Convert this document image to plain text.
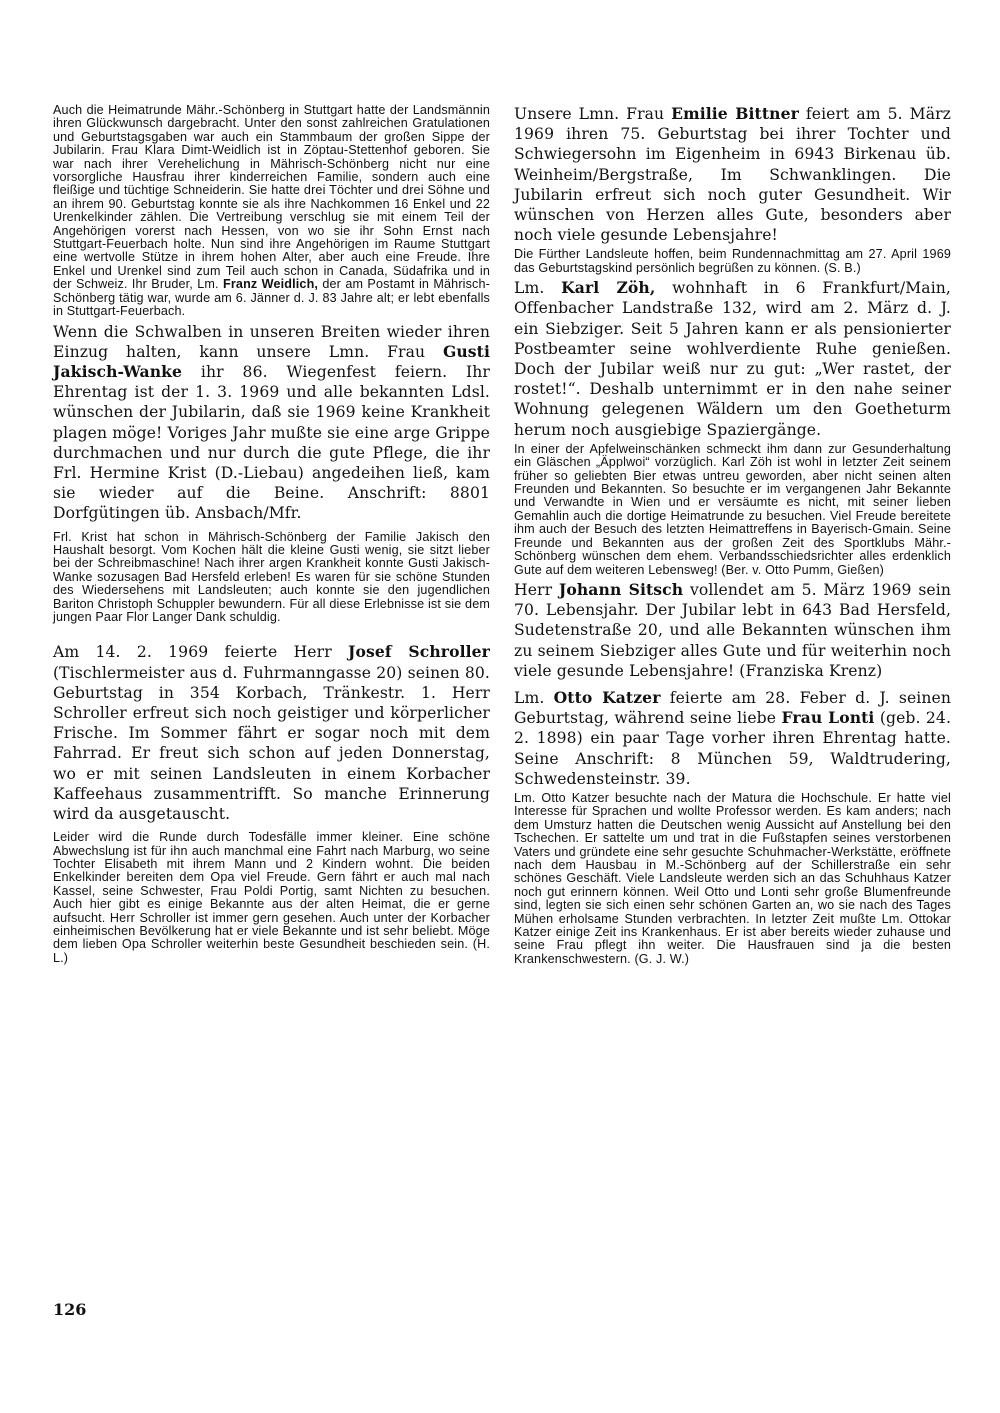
Auch die Heimatrunde Mähr.-Schönberg in Stuttgart hatte der Landsmännin ihren Glückwunsch dargebracht. Unter den sonst zahlreichen Gratulationen und Geburtstagsgaben war auch ein Stammbaum der großen Sippe der Jubilarin. Frau Klara Dimt-Weidlich ist in Zöptau-Stettenhof geboren. Sie war nach ihrer Verehelichung in Mährisch-Schönberg nicht nur eine vorsorgliche Hausfrau ihrer kinderreichen Familie, sondern auch eine fleißige und tüchtige Schneiderin. Sie hatte drei Töchter und drei Söhne und an ihrem 90. Geburtstag konnte sie als ihre Nachkommen 16 Enkel und 22 Urenkelkinder zählen. Die Vertreibung verschlug sie mit einem Teil der Angehörigen vorerst nach Hessen, von wo sie ihr Sohn Ernst nach Stuttgart-Feuerbach holte. Nun sind ihre Angehörigen im Raume Stuttgart eine wertvolle Stütze in ihrem hohen Alter, aber auch eine Freude. Ihre Enkel und Urenkel sind zum Teil auch schon in Canada, Südafrika und in der Schweiz. Ihr Bruder, Lm. Franz Weidlich, der am Postamt in Mährisch-Schönberg tätig war, wurde am 6. Jänner d. J. 83 Jahre alt; er lebt ebenfalls in Stuttgart-Feuerbach.

Wenn die Schwalben in unseren Breiten wieder ihren Einzug halten, kann unsere Lmn. Frau Gusti Jakisch-Wanke ihr 86. Wiegenfest feiern. Ihr Ehrentag ist der 1. 3. 1969 und alle bekannten Ldsl. wünschen der Jubilarin, daß sie 1969 keine Krankheit plagen möge! Voriges Jahr mußte sie eine arge Grippe durchmachen und nur durch die gute Pflege, die ihr Frl. Hermine Krist (D.-Liebau) angedeihen ließ, kam sie wieder auf die Beine. Anschrift: 8801 Dorfgütingen üb. Ansbach/Mfr.

Frl. Krist hat schon in Mährisch-Schönberg der Familie Jakisch den Haushalt besorgt. Vom Kochen hält die kleine Gusti wenig, sie sitzt lieber bei der Schreibmaschine! Nach ihrer argen Krankheit konnte Gusti Jakisch-Wanke sozusagen Bad Hersfeld erleben! Es waren für sie schöne Stunden des Wiedersehens mit Landsleuten; auch konnte sie den jugendlichen Bariton Christoph Schuppler bewundern. Für all diese Erlebnisse ist sie dem jungen Paar Flor Langer Dank schuldig.

Am 14. 2. 1969 feierte Herr Josef Schroller (Tischlermeister aus d. Fuhrmanngasse 20) seinen 80. Geburtstag in 354 Korbach, Tränkestr. 1. Herr Schroller erfreut sich noch geistiger und körperlicher Frische. Im Sommer fährt er sogar noch mit dem Fahrrad. Er freut sich schon auf jeden Donnerstag, wo er mit seinen Landsleuten in einem Korbacher Kaffeehaus zusammentrifft. So manche Erinnerung wird da ausgetauscht.

Leider wird die Runde durch Todesfälle immer kleiner. Eine schöne Abwechslung ist für ihn auch manchmal eine Fahrt nach Marburg, wo seine Tochter Elisabeth mit ihrem Mann und 2 Kindern wohnt. Die beiden Enkelkinder bereiten dem Opa viel Freude. Gern fährt er auch mal nach Kassel, seine Schwester, Frau Poldi Portig, samt Nichten zu besuchen. Auch hier gibt es einige Bekannte aus der alten Heimat, die er gerne aufsucht. Herr Schroller ist immer gern gesehen. Auch unter der Korbacher einheimischen Bevölkerung hat er viele Bekannte und ist sehr beliebt. Möge dem lieben Opa Schroller weiterhin beste Gesundheit beschieden sein. (H. L.)

Unsere Lmn. Frau Emilie Bittner feiert am 5. März 1969 ihren 75. Geburtstag bei ihrer Tochter und Schwiegersohn im Eigenheim in 6943 Birkenau üb. Weinheim/Bergstraße, Im Schwanklingen. Die Jubilarin erfreut sich noch guter Gesundheit. Wir wünschen von Herzen alles Gute, besonders aber noch viele gesunde Lebensjahre!

Die Fürther Landsleute hoffen, beim Rundennachmittag am 27. April 1969 das Geburtstagskind persönlich begrüßen zu können. (S. B.)

Lm. Karl Zöh, wohnhaft in 6 Frankfurt/Main, Offenbacher Landstraße 132, wird am 2. März d. J. ein Siebziger. Seit 5 Jahren kann er als pensionierter Postbeamter seine wohlverdiente Ruhe genießen. Doch der Jubilar weiß nur zu gut: „Wer rastet, der rostet!“. Deshalb unternimmt er in den nahe seiner Wohnung gelegenen Wäldern um den Goetheturm herum noch ausgiebige Spaziergänge.

In einer der Apfelweinschänken schmeckt ihm dann zur Gesunderhaltung ein Gläschen „Äpplwoi“ vorzüglich. Karl Zöh ist wohl in letzter Zeit seinem früher so geliebten Bier etwas untreu geworden, aber nicht seinen alten Freunden und Bekannten. So besuchte er im vergangenen Jahr Bekannte und Verwandte in Wien und er versäumte es nicht, mit seiner lieben Gemahlin auch die dortige Heimatrunde zu besuchen. Viel Freude bereitete ihm auch der Besuch des letzten Heimattreffens in Bayerisch-Gmain. Seine Freunde und Bekannten aus der großen Zeit des Sportklubs Mähr.-Schönberg wünschen dem ehem. Verbandsschiedsrichter alles erdenklich Gute auf dem weiteren Lebensweg! (Ber. v. Otto Pumm, Gießen)

Herr Johann Sitsch vollendet am 5. März 1969 sein 70. Lebensjahr. Der Jubilar lebt in 643 Bad Hersfeld, Sudetenstraße 20, und alle Bekannten wünschen ihm zu seinem Siebziger alles Gute und für weiterhin noch viele gesunde Lebensjahre! (Franziska Krenz)

Lm. Otto Katzer feierte am 28. Feber d. J. seinen Geburtstag, während seine liebe Frau Lonti (geb. 24. 2. 1898) ein paar Tage vorher ihren Ehrentag hatte. Seine Anschrift: 8 München 59, Waldtrudering, Schwedensteinstr. 39.

Lm. Otto Katzer besuchte nach der Matura die Hochschule. Er hatte viel Interesse für Sprachen und wollte Professor werden. Es kam anders; nach dem Umsturz hatten die Deutschen wenig Aussicht auf Anstellung bei den Tschechen. Er sattelte um und trat in die Fußstapfen seines verstorbenen Vaters und gründete eine sehr gesuchte Schuhmacher-Werkstätte, eröffnete nach dem Hausbau in M.-Schönberg auf der Schillerstraße ein sehr schönes Geschäft. Viele Landsleute werden sich an das Schuhhaus Katzer noch gut erinnern können. Weil Otto und Lonti sehr große Blumenfreunde sind, legten sie sich einen sehr schönen Garten an, wo sie nach des Tages Mühen erholsame Stunden verbrachten. In letzter Zeit mußte Lm. Ottokar Katzer einige Zeit ins Krankenhaus. Er ist aber bereits wieder zuhause und seine Frau pflegt ihn weiter. Die Hausfrauen sind ja die besten Krankenschwestern. (G. J. W.)

126
